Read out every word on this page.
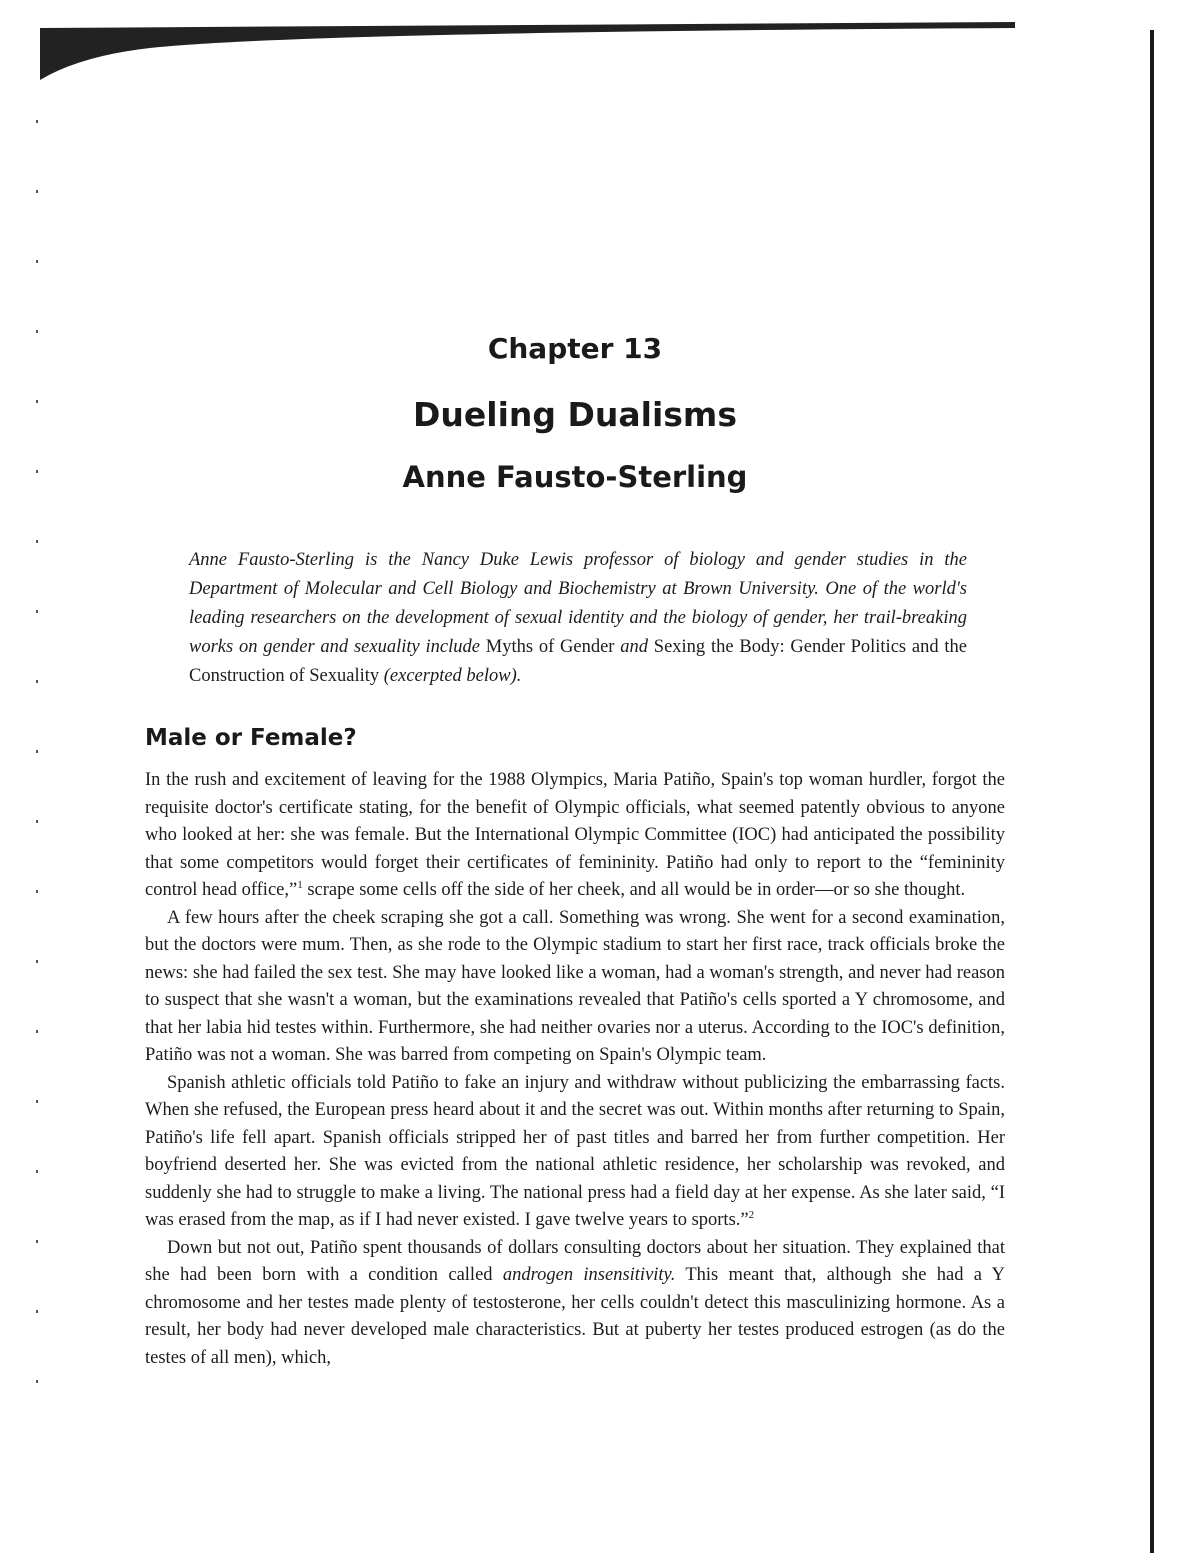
Chapter 13
Dueling Dualisms
Anne Fausto-Sterling
Anne Fausto-Sterling is the Nancy Duke Lewis professor of biology and gender studies in the Department of Molecular and Cell Biology and Biochemistry at Brown University. One of the world's leading researchers on the development of sexual identity and the biology of gender, her trail-breaking works on gender and sexuality include Myths of Gender and Sexing the Body: Gender Politics and the Construction of Sexuality (excerpted below).
Male or Female?

In the rush and excitement of leaving for the 1988 Olympics, Maria Patiño, Spain's top woman hurdler, forgot the requisite doctor's certificate stating, for the benefit of Olympic officials, what seemed patently obvious to anyone who looked at her: she was female. But the International Olympic Committee (IOC) had anticipated the possibility that some competitors would forget their certificates of femininity. Patiño had only to report to the “femininity control head office,”$^1$ scrape some cells off the side of her cheek, and all would be in order—or so she thought.

A few hours after the cheek scraping she got a call. Something was wrong. She went for a second examination, but the doctors were mum. Then, as she rode to the Olympic stadium to start her first race, track officials broke the news: she had failed the sex test. She may have looked like a woman, had a woman's strength, and never had reason to suspect that she wasn't a woman, but the examinations revealed that Patiño's cells sported a Y chromosome, and that her labia hid testes within. Furthermore, she had neither ovaries nor a uterus. According to the IOC's definition, Patiño was not a woman. She was barred from competing on Spain's Olympic team.

Spanish athletic officials told Patiño to fake an injury and withdraw without publicizing the embarrassing facts. When she refused, the European press heard about it and the secret was out. Within months after returning to Spain, Patiño's life fell apart. Spanish officials stripped her of past titles and barred her from further competition. Her boyfriend deserted her. She was evicted from the national athletic residence, her scholarship was revoked, and suddenly she had to struggle to make a living. The national press had a field day at her expense. As she later said, “I was erased from the map, as if I had never existed. I gave twelve years to sports.”$^2$

Down but not out, Patiño spent thousands of dollars consulting doctors about her situation. They explained that she had been born with a condition called androgen insensitivity. This meant that, although she had a Y chromosome and her testes made plenty of testosterone, her cells couldn't detect this masculinizing hormone. As a result, her body had never developed male characteristics. But at puberty her testes produced estrogen (as do the testes of all men), which,
